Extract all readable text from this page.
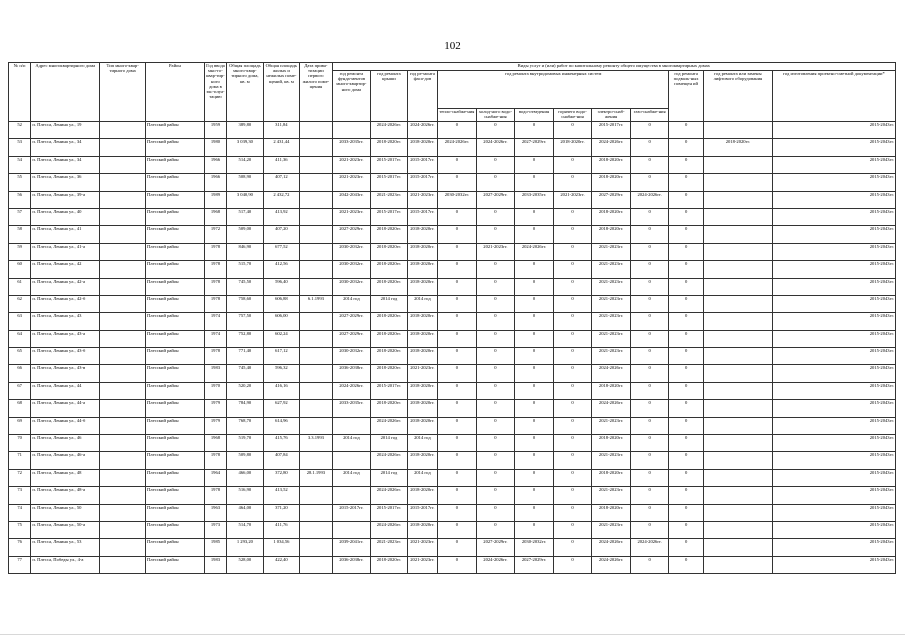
102
№ п/п	Адрес многоквартирного дома	Тип много-квар-тирного дома	Район	Год ввода мно-го-квар-тир-ного дома в экс-плуа-тацию	Общая площадь много-квар-тирного дома, кв. м	Общая площадь жилых и нежилых поме-щений, кв. м	Дата прива-тизации первого жилого поме-щения	Виды услуг и (или) работ по капитальному ремонту общего имущества в многоквартирных домах											
								год ремонта фунда-ментов много-квартир-ного дома	год ремонта крыши	год ре-монта фаса-дов	год ремонта внутридомовых инженерных систем						год ремонта подваль-ных помещен ий	год ремонта или замены лифтового оборудования	год изготовления проектно-сметной документации*
											тепло-снабже-ния	холод-ного водо-снабже-ния	водо-отведения	горячего водо-снабже-ния	электро-снаб-жения	газо-снабже-ния			
52	п. Плесса, Ленина ул., 19		Плесский район	1959	389,80	311,84			2024-2026гг.	2024-2026гг.	0	0	0	0	2015-2017гг.	0	0		2015-2043гг.
53	п. Плесса, Ленина ул., 34		Плесский район	1980	3 039,30	2 431,44		2033-2035гг.	2018-2020гг.	2018-2020гг.	2024-2026гг.	2024-2026гг.	2027-2029гг.	2018-2020гг.	2024-2026гг.	0	0	2018-2020гг.	2015-2043гг.
54	п. Плесса, Ленина ул., 34		Плесский район	1966	514,20	411,36		2021-2023гг.	2015-2017гг.	2015-2017гг.	0	0	0	0	2018-2020гг.	0	0		2015-2043гг.
55	п. Плесса, Ленина ул., 36		Плесский район	1966	508,90	407,12		2021-2023гг.	2015-2017гг.	2015-2017гг.	0	0	0	0	2018-2020гг.	0	0		2015-2043гг.
56	п. Плесса, Ленина ул., 39-а		Плесский район	1989	3 040,90	2 432,72		2042-2043гг.	2021-2023гг.	2021-2023гг.	2030-2032гг.	2027-2029гг.	2033-2035гг.	2021-2023гг.	2027-2029гг.	2024-2026гг.	0		2015-2043гг.
57	п. Плесса, Ленина ул., 40		Плесский район	1968	517,40	413,92		2021-2023гг.	2015-2017гг.	2015-2017гг.	0	0	0	0	2018-2020гг.	0	0		2015-2043гг.
58	п. Плесса, Ленина ул., 41		Плесский район	1972	509,00	407,20		2027-2029гг.	2018-2020гг.	2018-2020гг.	0	0	0	0	2018-2020гг.	0	0		2015-2043гг.
59	п. Плесса, Ленина ул., 41-а		Плесский район	1978	846,90	677,52		2030-2032гг.	2018-2020гг.	2018-2020гг.	0	2021-2023гг.	2024-2026гг.	0	2021-2023гг.	0	0		2015-2043гг.
60	п. Плесса, Ленина ул., 42		Плесский район	1978	515,70	412,56		2030-2032гг.	2018-2020гг.	2018-2020гг.	0	0	0	0	2021-2023гг.	0	0		2015-2043гг.
61	п. Плесса, Ленина ул., 42-а		Плесский район	1978	745,50	596,40		2030-2032гг.	2018-2020гг.	2018-2020гг.	0	0	0	0	2021-2023гг.	0	0		2015-2043гг.
62	п. Плесса, Ленина ул., 42-б		Плесский район	1978	758,60	606,88	6.1.1993	2014 год	2014 год	2014 год	0	0	0	0	2021-2023гг.	0	0		2015-2043гг.
63	п. Плесса, Ленина ул., 43		Плесский район	1974	757,50	606,00		2027-2029гг.	2018-2020гг.	2018-2020гг.	0	0	0	0	2021-2023гг.	0	0		2015-2043гг.
64	п. Плесса, Ленина ул., 43-а		Плесский район	1974	752,80	602,24		2027-2029гг.	2018-2020гг.	2018-2020гг.	0	0	0	0	2021-2023гг.	0	0		2015-2043гг.
65	п. Плесса, Ленина ул., 43-б		Плесский район	1978	771,40	617,12		2030-2032гг.	2018-2020гг.	2018-2020гг.	0	0	0	0	2021-2023гг.	0	0		2015-2043гг.
66	п. Плесса, Ленина ул., 43-в		Плесский район	1983	745,40	596,32		2036-2038гг.	2018-2020гг.	2021-2023гг.	0	0	0	0	2024-2026гг.	0	0		2015-2043гг.
67	п. Плесса, Ленина ул., 44		Плесский район	1970	520,20	416,16		2024-2026гг.	2015-2017гг.	2018-2020гг.	0	0	0	0	2018-2020гг.	0	0		2015-2043гг.
68	п. Плесса, Ленина ул., 44-а		Плесский район	1979	784,90	627,92		2033-2035гг.	2018-2020гг.	2018-2020гг.	0	0	0	0	2024-2026гг.	0	0		2015-2043гг.
69	п. Плесса, Ленина ул., 44-б		Плесский район	1979	768,70	614,96			2024-2026гг.	2018-2020гг.	0	0	0	0	2021-2023гг.	0	0		2015-2043гг.
70	п. Плесса, Ленина ул., 46		Плесский район	1968	519,70	415,76	3.3.1993	2014 год	2014 год	2014 год	0	0	0	0	2018-2020гг.	0	0		2015-2043гг.
71	п. Плесса, Ленина ул., 46-а		Плесский район	1978	509,80	407,84			2024-2026гг.	2018-2020гг.	0	0	0	0	2021-2023гг.	0	0		2015-2043гг.
72	п. Плесса, Ленина ул., 48		Плесский район	1964	466,00	372,80	28.1.1993	2014 год	2014 год	2014 год	0	0	0	0	2018-2020гг.	0	0		2015-2043гг.
73	п. Плесса, Ленина ул., 48-а		Плесский район	1978	516,90	413,52			2024-2026гг.	2018-2020гг.	0	0	0	0	2021-2023гг.	0	0		2015-2043гг.
74	п. Плесса, Ленина ул., 50		Плесский район	1963	464,00	371,20		2015-2017гг.	2015-2017гг.	2015-2017гг.	0	0	0	0	2018-2020гг.	0	0		2015-2043гг.
75	п. Плесса, Ленина ул., 50-а		Плесский район	1973	514,70	411,76			2024-2026гг.	2018-2020гг.	0	0	0	0	2021-2023гг.	0	0		2015-2043гг.
76	п. Плесса, Ленина ул., 53		Плесский район	1985	1 293,20	1 034,56		2039-2041гг.	2021-2023гг.	2021-2023гг.	0	2027-2029гг.	2030-2032гг.	0	2024-2026гг.	2024-2026гг.	0		2015-2043гг.
77	п. Плесса, Победы ул., 4-а		Плесский район	1983	528,00	422,40		2036-2038гг.	2018-2020гг.	2021-2023гг.	0	2024-2026гг.	2027-2029гг.	0	2024-2026гг.	0	0		2015-2043гг.
